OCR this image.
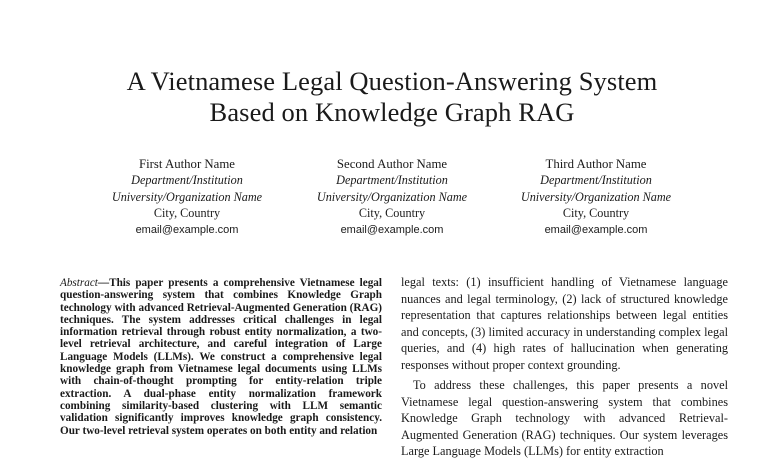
A Vietnamese Legal Question-Answering System
Based on Knowledge Graph RAG
First Author Name
Department/Institution
University/Organization Name
City, Country
email@example.com
Second Author Name
Department/Institution
University/Organization Name
City, Country
email@example.com
Third Author Name
Department/Institution
University/Organization Name
City, Country
email@example.com

Abstract—This paper presents a comprehensive Vietnamese legal question-answering system that combines Knowledge Graph technology with advanced Retrieval-Augmented Generation (RAG) techniques. The system addresses critical challenges in legal information retrieval through robust entity normalization, a two-level retrieval architecture, and careful integration of Large Language Models (LLMs). We construct a comprehensive legal knowledge graph from Vietnamese legal documents using LLMs with chain-of-thought prompting for entity-relation triple extraction. A dual-phase entity normalization framework combining similarity-based clustering with LLM semantic validation significantly improves knowledge graph consistency. Our two-level retrieval system operates on both entity and relation

legal texts: (1) insufficient handling of Vietnamese language nuances and legal terminology, (2) lack of structured knowledge representation that captures relationships between legal entities and concepts, (3) limited accuracy in understanding complex legal queries, and (4) high rates of hallucination when generating responses without proper context grounding.

To address these challenges, this paper presents a novel Vietnamese legal question-answering system that combines Knowledge Graph technology with advanced Retrieval-Augmented Generation (RAG) techniques. Our system leverages Large Language Models (LLMs) for entity extraction
